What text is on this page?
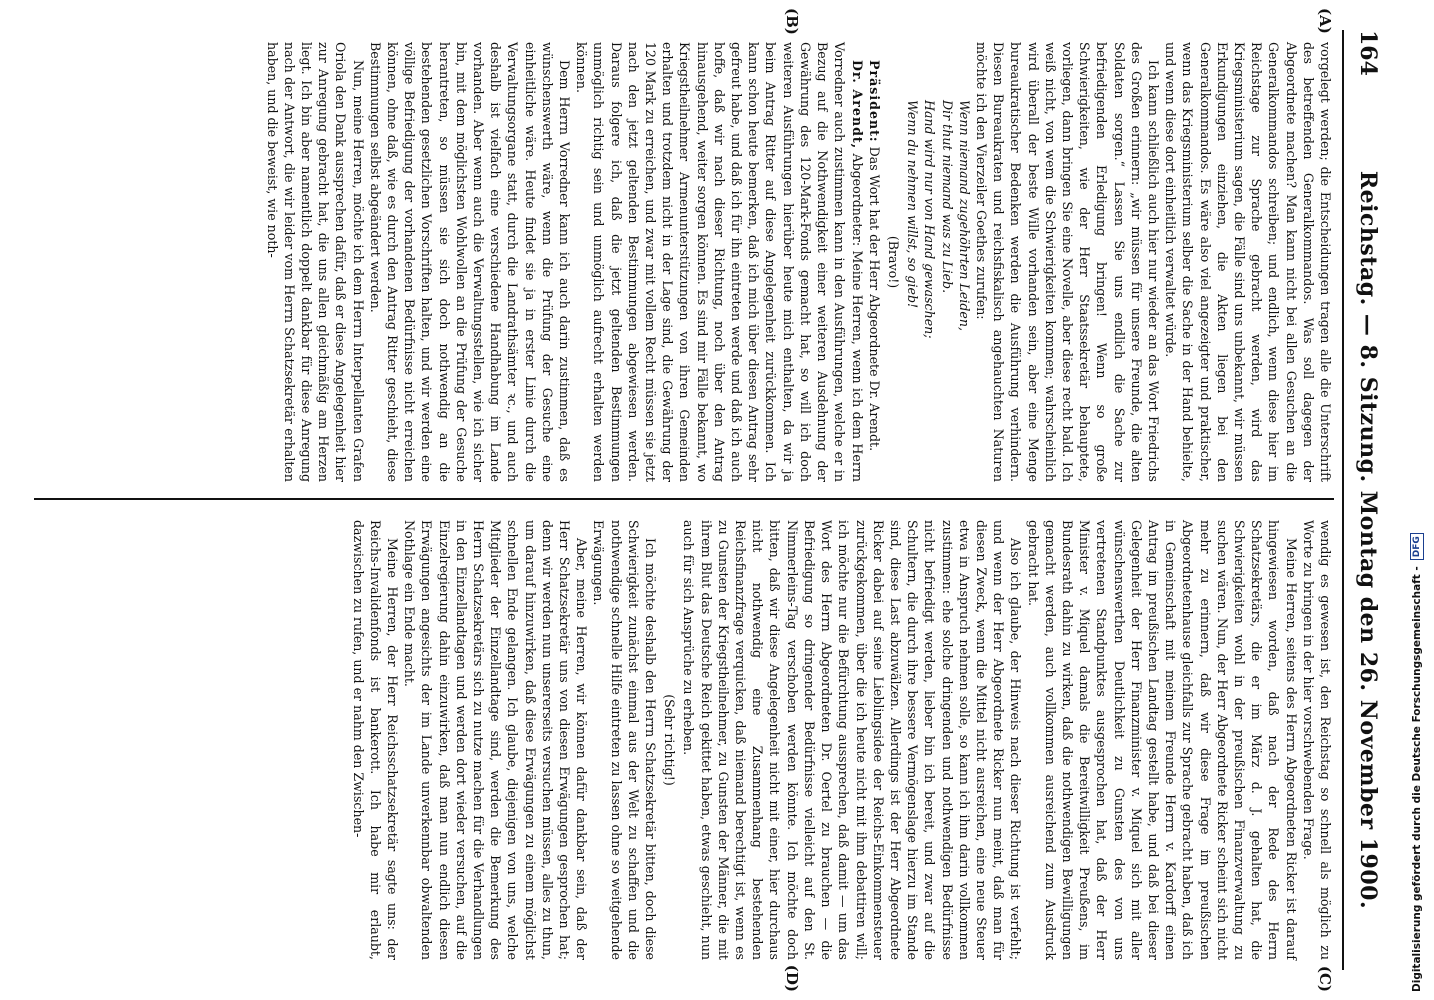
164
Reichstag. — 8. Sitzung. Montag den 26. November 1900.
(A)
(B)
(C)
(D)

vorgelegt werden; die Entscheidungen tragen alle die Unterschrift des betreffenden Generalkommandos. Was soll dagegen der Abgeordnete machen? Man kann nicht bei allen Gesuchen an die Generalkommandos schreiben; und endlich, wenn diese hier im Reichstage zur Sprache gebracht werden, wird das Kriegsministerium sagen, die Fälle sind uns unbekannt, wir müssen Erkundigungen einziehen, die Akten liegen bei den Generalkommandos. Es wäre also viel angezeigter und praktischer, wenn das Kriegsministerium selber die Sache in der Hand behielte, und wenn diese dort einheitlich verwaltet würde.

Ich kann schließlich auch hier nur wieder an das Wort Friedrichs des Großen erinnern: „wir müssen für unsere Freunde, die alten Soldaten sorgen.“ Lassen Sie uns endlich die Sache zur befriedigenden Erledigung bringen! Wenn so große Schwierigkeiten, wie der Herr Staatssekretär behauptete, vorliegen, dann bringen Sie eine Novelle, aber diese recht bald. Ich weiß nicht, von wem die Schwierigkeiten kommen; wahrscheinlich wird überall der beste Wille vorhanden sein, aber eine Menge bureaukratischer Bedenken werden die Ausführung verhindern. Diesen Bureaukraten und reichsfiskalisch angehauchten Naturen möchte ich den Vierzeiler Goethes zurufen:

Wenn niemand zugehöhrten Leiden,

Dir thut niemand was zu Lieb.

Hand wird nur von Hand gewaschen;

Wenn du nehmen willst, so gieb!

(Bravo!)

Präsident: Das Wort hat der Herr Abgeordnete Dr. Arendt.

Dr. Arendt, Abgeordneter: Meine Herren, wenn ich dem Herrn Vorredner auch zustimmen kann in den Ausführungen, welche er in Bezug auf die Nothwendigkeit einer weiteren Ausdehnung der Gewährung des 120-Mark-Fonds gemacht hat, so will ich doch weiteren Ausführungen hierüber heute mich enthalten, da wir ja beim Antrag Ritter auf diese Angelegenheit zurückkommen. Ich kann schon heute bemerken, daß ich mich über diesen Antrag sehr gefreut habe, und daß ich für ihn eintreten werde und daß ich auch hoffe, daß wir nach dieser Richtung, noch über den Antrag hinausgehend, weiter sorgen können. Es sind mir Fälle bekannt, wo Kriegstheilnehmer Armenunterstützungen von ihren Gemeinden erhalten und trotzdem nicht in der Lage sind, die Gewährung der 120 Mark zu erreichen, und zwar mit vollem Recht müssen sie jetzt nach den jetzt geltenden Bestimmungen abgewiesen werden. Daraus folgere ich, daß die jetzt geltenden Bestimmungen unmöglich richtig sein und unmöglich aufrecht erhalten werden können.

Dem Herrn Vorredner kann ich auch darin zustimmen, daß es wünschenswerth wäre, wenn die Prüfung der Gesuche eine einheitliche wäre. Heute findet sie ja in erster Linie durch die Verwaltungsorgane statt, durch die Landrathsämter ꝛc., und auch deshalb ist vielfach eine verschiedene Handhabung im Lande vorhanden. Aber wenn auch die Verwaltungsstellen, wie ich sicher bin, mit dem möglichsten Wohlwollen an die Prüfung der Gesuche herantreten, so müssen sie sich doch nothwendig an die bestehenden gesetzlichen Vorschriften halten, und wir werden eine völlige Befriedigung der vorhandenen Bedürfnisse nicht erreichen können, ohne daß, wie es durch den Antrag Ritter geschieht, diese Bestimmungen selbst abgeändert werden.

Nun, meine Herren, möchte ich dem Herrn Interpellanten Grafen Oriola den Dank aussprechen dafür, daß er diese Angelegenheit hier zur Anregung gebracht hat, die uns allen gleichmäßig am Herzen liegt. Ich bin aber namentlich doppelt dankbar für diese Anregung nach der Antwort, die wir leider vom Herrn Schatzsekretär erhalten haben, und die beweist, wie noth-

wendig es gewesen ist, den Reichstag so schnell als möglich zu Worte zu bringen in der hier vorschwebenden Frage.

Meine Herren, seitens des Herrn Abgeordneten Ricker ist darauf hingewiesen worden, daß nach der Rede des Herrn Schatzsekretärs, die er im März d. J. gehalten hat, die Schwierigkeiten wohl in der preußischen Finanzverwaltung zu suchen wären. Nun, der Herr Abgeordnete Ricker scheint sich nicht mehr zu erinnern, daß wir diese Frage im preußischen Abgeordnetenhause gleichfalls zur Sprache gebracht haben, daß ich in Gemeinschaft mit meinem Freunde Herrn v. Kardorff einen Antrag im preußischen Landtag gestellt habe, und daß bei dieser Gelegenheit der Herr Finanzminister v. Miquel sich mit aller wünschenswerthen Deutlichkeit zu Gunsten des von uns vertretenen Standpunktes ausgesprochen hat, daß der Herr Minister v. Miquel damals die Bereitwilligkeit Preußens, im Bundesrath dahin zu wirken, daß die nothwendigen Bewilligungen gemacht werden, auch vollkommen ausreichend zum Ausdruck gebracht hat.

Also ich glaube, der Hinweis nach dieser Richtung ist verfehlt; und wenn der Herr Abgeordnete Ricker nun meint, daß man für diesen Zweck, wenn die Mittel nicht ausreichen, eine neue Steuer etwa in Anspruch nehmen solle, so kann ich ihm darin vollkommen zustimmen: ehe solche dringenden und nothwendigen Bedürfnisse nicht befriedigt werden, lieber bin ich bereit, und zwar auf die Schultern, die durch ihre bessere Vermögenslage hierzu im Stande sind, diese Last abzuwälzen. Allerdings ist der Herr Abgeordnete Ricker dabei auf seine Lieblingsidee der Reichs-Einkommensteuer zurückgekommen, über die ich heute nicht mit ihm debattiren will; ich möchte nur die Befürchtung aussprechen, daß damit — um das Wort des Herrn Abgeordneten Dr. Oertel zu brauchen — die Befriedigung so dringender Bedürfnisse vielleicht auf den St. Nimmerleins-Tag verschoben werden könnte. Ich möchte doch bitten, daß wir diese Angelegenheit nicht mit einer, hier durchaus nicht nothwendig eine Zusammenhang bestehenden Reichsfinanzfrage verquicken, daß niemand berechtigt ist, wenn es zu Gunsten der Kriegstheilnehmer, zu Gunsten der Männer, die mit ihrem Blut das Deutsche Reich gekittet haben, etwas geschieht, nun auch für sich Ansprüche zu erheben.

(Sehr richtig!)

Ich möchte deshalb den Herrn Schatzsekretär bitten, doch diese Schwierigkeit zunächst einmal aus der Welt zu schaffen und die nothwendige schnelle Hilfe eintreten zu lassen ohne so weitgehende Erwägungen.

Aber, meine Herren, wir können dafür dankbar sein, daß der Herr Schatzsekretär uns von diesen Erwägungen gesprochen hat; denn wir werden nun unsererseits versuchen müssen, alles zu thun, um darauf hinzuwirken, daß diese Erwägungen zu einem möglichst schnellen Ende gelangen. Ich glaube, diejenigen von uns, welche Mitglieder der Einzellandtage sind, werden die Bemerkung des Herrn Schatzsekretärs sich zu nutze machen für die Verhandlungen in den Einzellandtagen und werden dort wieder versuchen, auf die Einzelregierung dahin einzuwirken, daß man nun endlich diesen Erwägungen angesichts der im Lande unverkennbar obwaltenden Nothlage ein Ende macht.

Meine Herren, der Herr Reichsschatzsekretär sagte uns: der Reichs-Invalidenfonds ist bankerott. Ich habe mir erlaubt, dazwischen zu rufen, und er nahm den Zwischen-	Digitalisierung gefördert durch die Deutsche Forschungsgemeinschaft -
DFG
